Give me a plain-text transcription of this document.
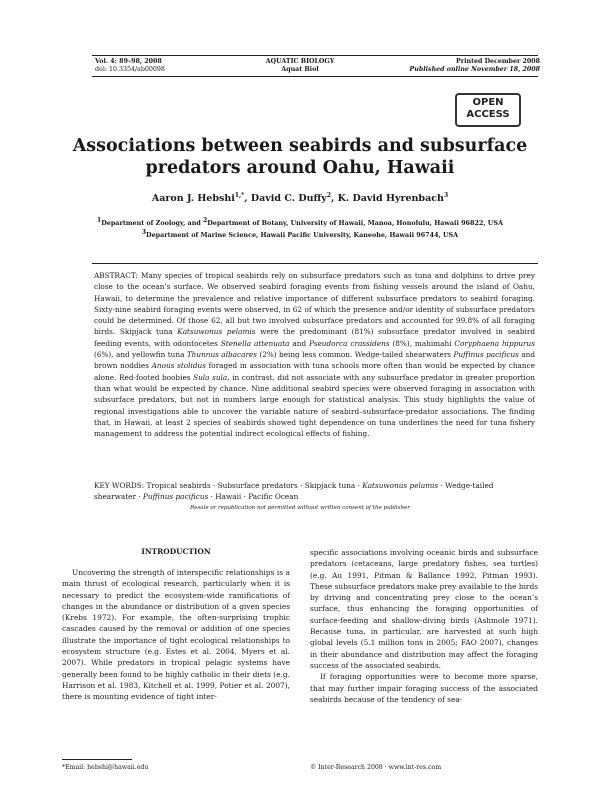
Vol. 4: 89–98, 2008
doi: 10.3354/ab00098
AQUATIC BIOLOGY
Aquat Biol
Printed December 2008
Published online November 18, 2008
OPEN
ACCESS
Associations between seabirds and subsurface
predators around Oahu, Hawaii
Aaron J. Hebshi$^{1,*}$, David C. Duffy$^2$, K. David Hyrenbach$^3$
$^1$Department of Zoology, and $^2$Department of Botany, University of Hawaii, Manoa, Honolulu, Hawaii 96822, USA
$^3$Department of Marine Science, Hawaii Pacific University, Kaneohe, Hawaii 96744, USA
ABSTRACT: Many species of tropical seabirds rely on subsurface predators such as tuna and dolphins to drive prey close to the ocean’s surface. We observed seabird foraging events from fishing vessels around the island of Oahu, Hawaii, to determine the prevalence and relative importance of different subsurface predators to seabird foraging. Sixty-nine seabird foraging events were observed, in 62 of which the presence and/or identity of subsurface predators could be determined. Of those 62, all but two involved subsurface predators and accounted for 99.8% of all foraging birds. Skipjack tuna Katsuwonus pelamis were the predominant (81%) subsurface predator involved in seabird feeding events, with odontocetes Stenella attenuata and Pseudorca crassidens (8%), mahimahi Coryphaena hippurus (6%), and yellowfin tuna Thunnus albacares (2%) being less common. Wedge-tailed shearwaters Puffinus pacificus and brown noddies Anous stolidus foraged in association with tuna schools more often than would be expected by chance alone. Red-footed boobies Sula sula, in contrast, did not associate with any subsurface predator in greater proportion than what would be expected by chance. Nine additional seabird species were observed foraging in association with subsurface predators, but not in numbers large enough for statistical analysis. This study highlights the value of regional investigations able to uncover the variable nature of seabird–subsurface-predator associations. The finding that, in Hawaii, at least 2 species of seabirds showed tight dependence on tuna underlines the need for tuna fishery management to address the potential indirect ecological effects of fishing.
KEY WORDS: Tropical seabirds · Subsurface predators · Skipjack tuna · Katsuwonus pelamis · Wedge-tailed shearwater · Puffinus pacificus · Hawaii · Pacific Ocean
Resale or republication not permitted without written consent of the publisher
INTRODUCTION
Uncovering the strength of interspecific relationships is a main thrust of ecological research, particularly when it is necessary to predict the ecosystem-wide ramifications of changes in the abundance or distribution of a given species (Krebs 1972). For example, the often-surprising trophic cascades caused by the removal or addition of one species illustrate the importance of tight ecological relationships to ecosystem structure (e.g. Estes et al. 2004, Myers et al. 2007). While predators in tropical pelagic systems have generally been found to be highly catholic in their diets (e.g. Harrison et al. 1983, Kitchell et al. 1999, Potier et al. 2007), there is mounting evidence of tight inter-
specific associations involving oceanic birds and subsurface predators (cetaceans, large predatory fishes, sea turtles) (e.g. Au 1991, Pitman & Ballance 1992, Pitman 1993). These subsurface predators make prey available to the birds by driving and concentrating prey close to the ocean’s surface, thus enhancing the foraging opportunities of surface-feeding and shallow-diving birds (Ashmole 1971). Because tuna, in particular, are harvested at such high global levels (5.1 million tons in 2005; FAO 2007), changes in their abundance and distribution may affect the foraging success of the associated seabirds.
If foraging opportunities were to become more sparse, that may further impair foraging success of the associated seabirds because of the tendency of sea-
*Email: hebshi@hawaii.edu	© Inter-Research 2008 · www.int-res.com
